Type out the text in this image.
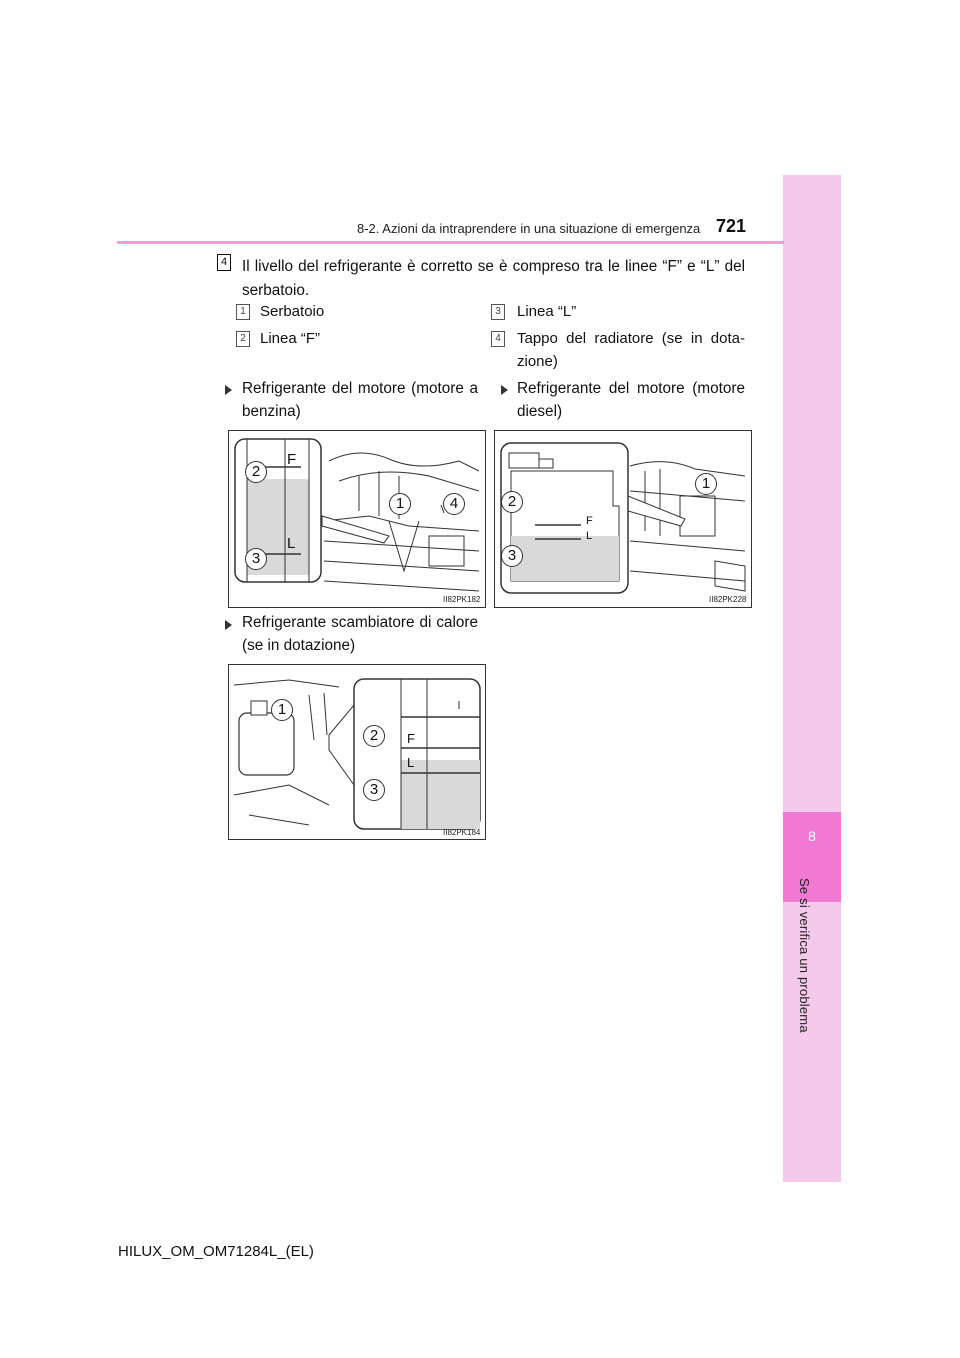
8
Se si verifica un problema
8-2. Azioni da intraprendere in una situazione di emergenza 721
4 Il livello del refrigerante è corretto se è compreso tra le linee “F” e “L” del serbatoio.
1 Serbatoio
2 Linea “F”
3 Linea “L”
4 Tappo del radiatore (se in dota-zione)
Refrigerante del motore (motore a benzina)
Refrigerante del motore (motore diesel)
Refrigerante scambiatore di calore (se in dotazione)
F
L
2
3
1	4
II82PK182
F
L
2
3
1
II82PK228
F
L
1
2
3
II82PK184
HILUX_OM_OM71284L_(EL)
